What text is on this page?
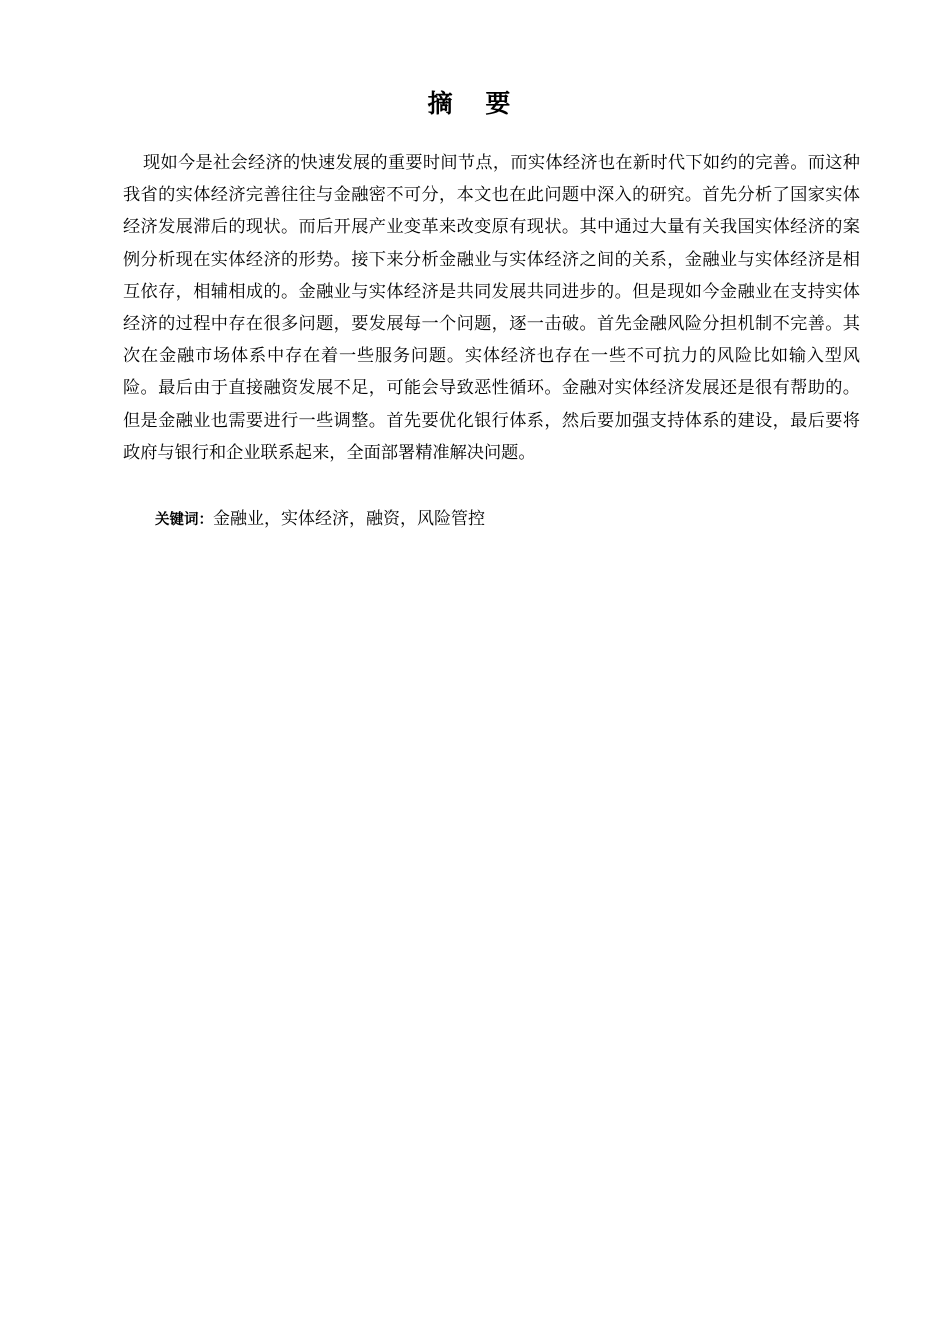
摘 要

现如今是社会经济的快速发展的重要时间节点，而实体经济也在新时代下如约的完善。而这种我省的实体经济完善往往与金融密不可分，本文也在此问题中深入的研究。首先分析了国家实体经济发展滞后的现状。而后开展产业变革来改变原有现状。其中通过大量有关我国实体经济的案例分析现在实体经济的形势。接下来分析金融业与实体经济之间的关系，金融业与实体经济是相互依存，相辅相成的。金融业与实体经济是共同发展共同进步的。但是现如今金融业在支持实体经济的过程中存在很多问题，要发展每一个问题，逐一击破。首先金融风险分担机制不完善。其次在金融市场体系中存在着一些服务问题。实体经济也存在一些不可抗力的风险比如输入型风险。最后由于直接融资发展不足，可能会导致恶性循环。金融对实体经济发展还是很有帮助的。但是金融业也需要进行一些调整。首先要优化银行体系，然后要加强支持体系的建设，最后要将政府与银行和企业联系起来，全面部署精准解决问题。

关键词：金融业，实体经济，融资，风险管控
